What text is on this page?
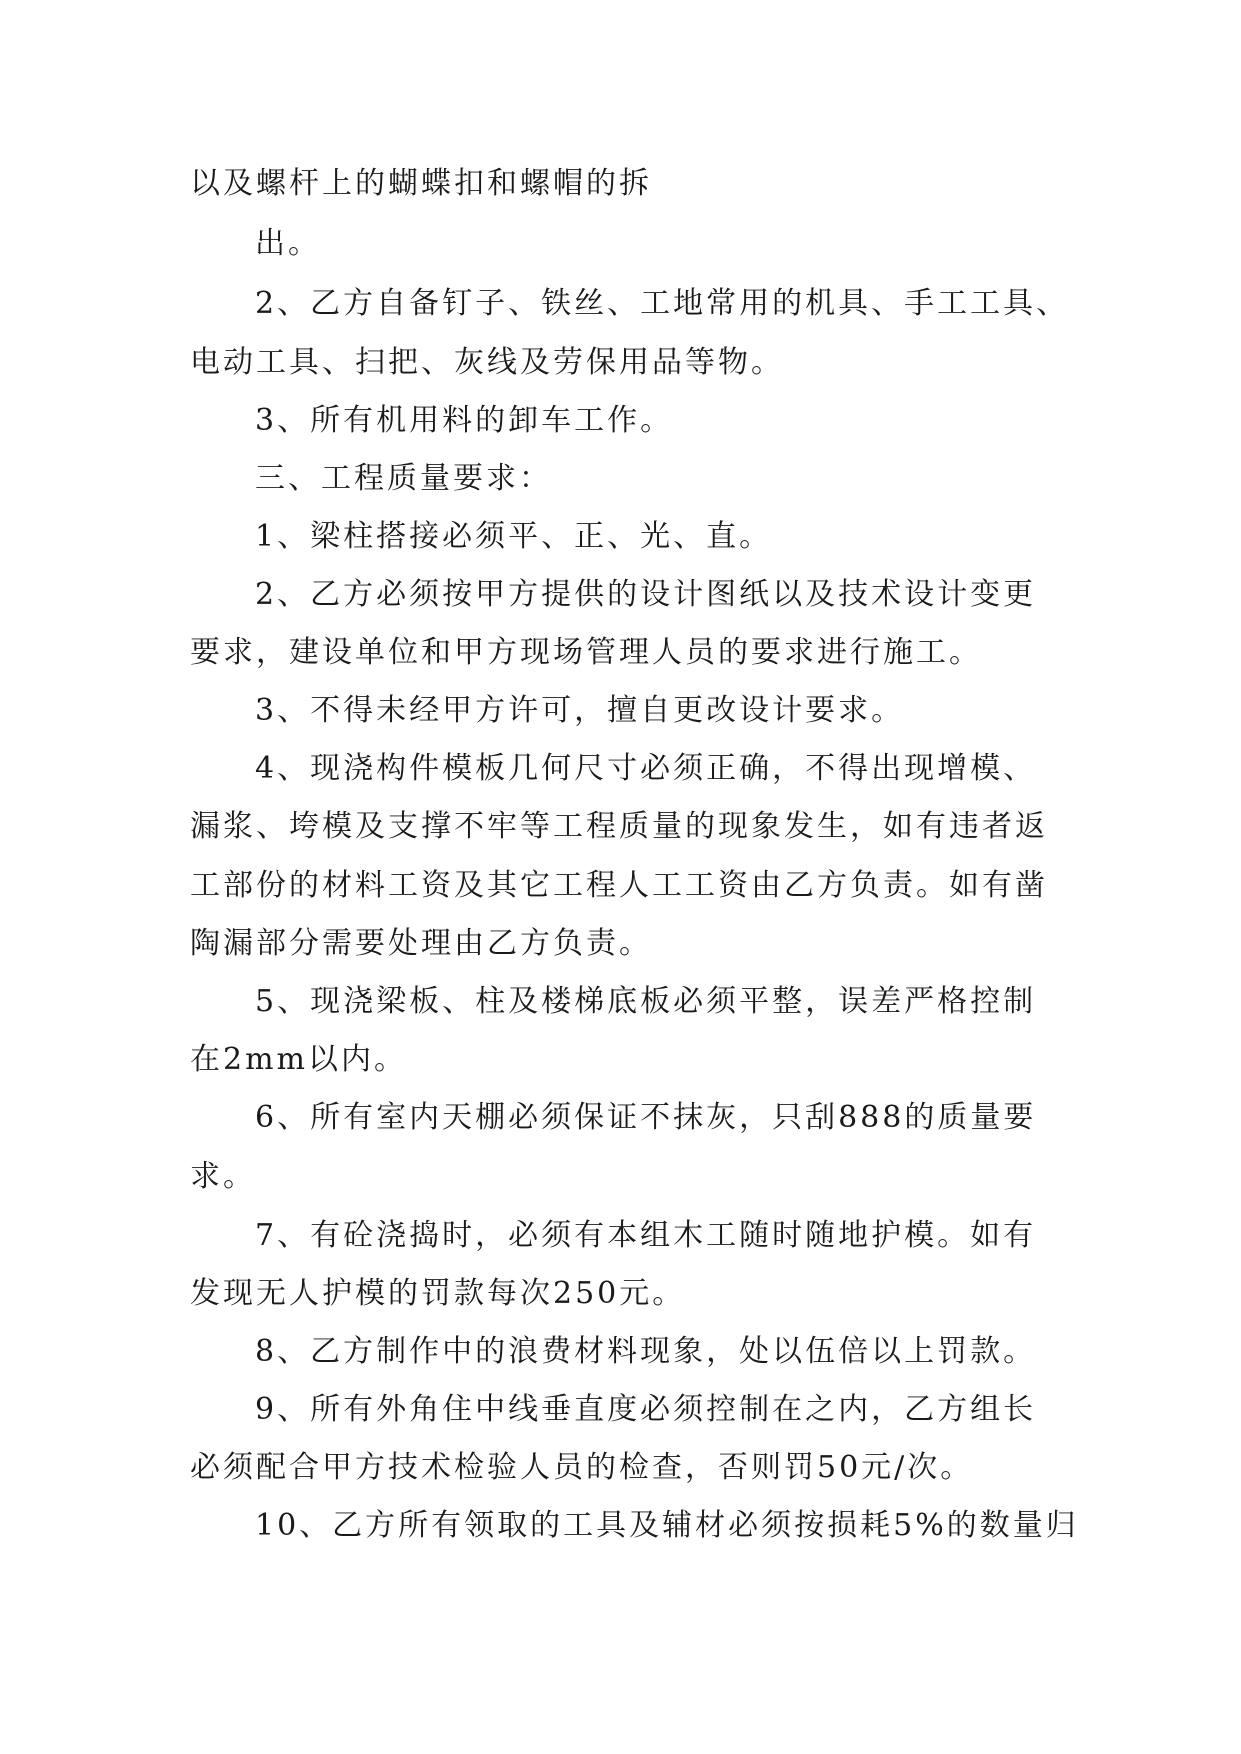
以及螺杆上的蝴蝶扣和螺帽的拆
出。
2、乙方自备钉子、铁丝、工地常用的机具、手工工具、
电动工具、扫把、灰线及劳保用品等物。
3、所有机用料的卸车工作。
三、工程质量要求：
1、梁柱搭接必须平、正、光、直。
2、乙方必须按甲方提供的设计图纸以及技术设计变更
要求，建设单位和甲方现场管理人员的要求进行施工。
3、不得未经甲方许可，擅自更改设计要求。
4、现浇构件模板几何尺寸必须正确，不得出现增模、
漏浆、垮模及支撑不牢等工程质量的现象发生，如有违者返
工部份的材料工资及其它工程人工工资由乙方负责。如有凿
陶漏部分需要处理由乙方负责。
5、现浇梁板、柱及楼梯底板必须平整，误差严格控制
在2mm以内。
6、所有室内天棚必须保证不抹灰，只刮888的质量要
求。
7、有砼浇捣时，必须有本组木工随时随地护模。如有
发现无人护模的罚款每次250元。
8、乙方制作中的浪费材料现象，处以伍倍以上罚款。
9、所有外角住中线垂直度必须控制在之内，乙方组长
必须配合甲方技术检验人员的检查，否则罚50元/次。
10、乙方所有领取的工具及辅材必须按损耗5%的数量归
